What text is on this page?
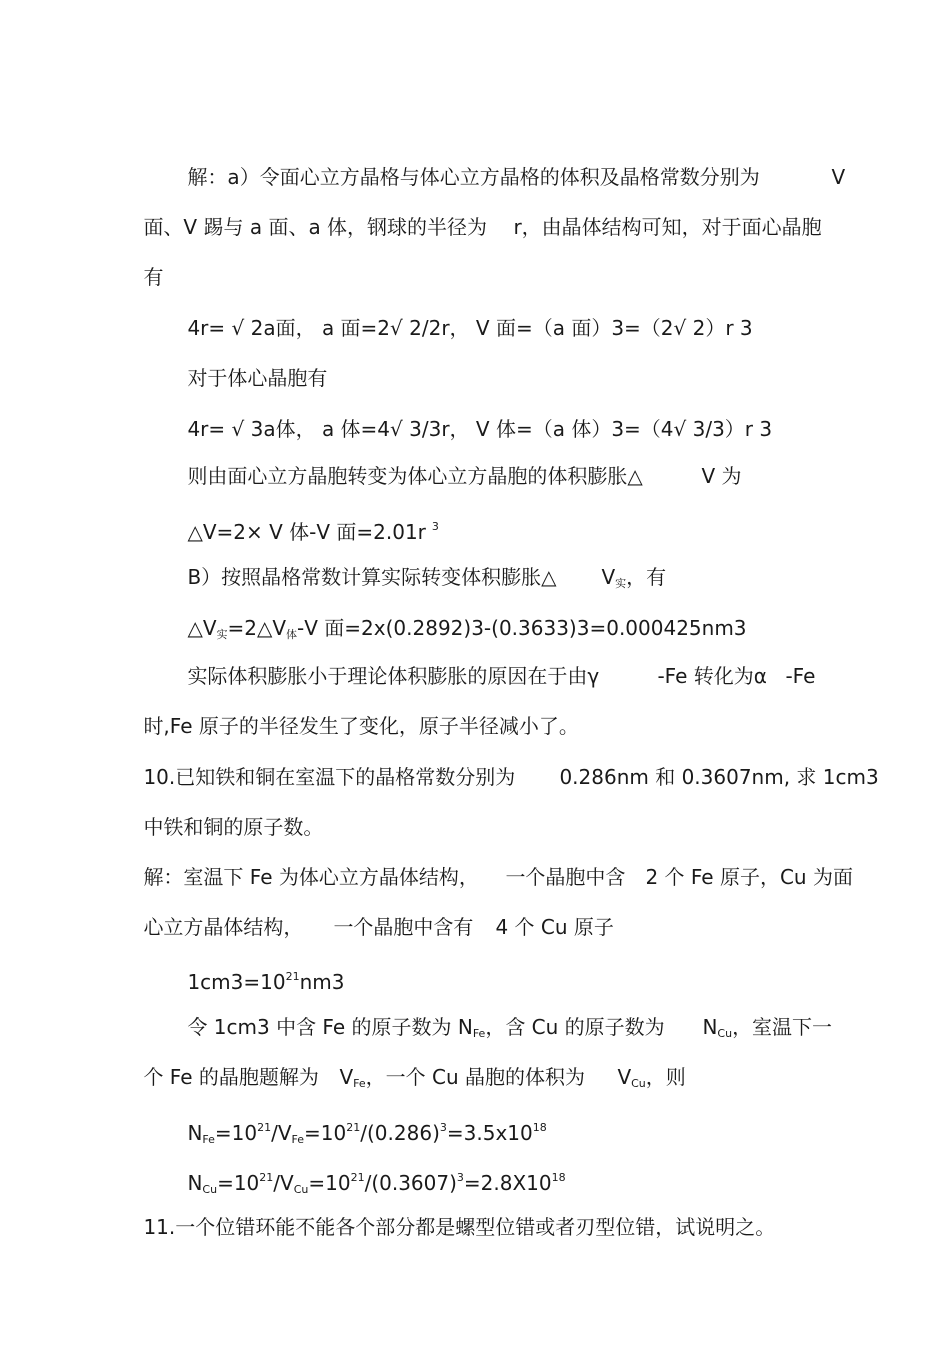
解：a）令面心立方晶格与体心立方晶格的体积及晶格常数分别为
	V

面、V 踢与 a 面、a 体，钢球的半径为
	r，由晶体结构可知，对于面心晶胞

有

4r= √ 2a面， a 面=2√ 2/2r， V 面=（a 面）3=（2√ 2）r 3

对于体心晶胞有

4r= √ 3a体， a 体=4√ 3/3r， V 体=（a 体）3=（4√ 3/3）r 3

则由面心立方晶胞转变为体心立方晶胞的体积膨胀△
	V 为

△V=2× V 体-V 面=2.01r $^3$

B）按照晶格常数计算实际转变体积膨胀△
	$V_实$，有

$\triangle V_实=2\triangle V_体-V$ 面=2x(0.2892)3-(0.3633)3=0.000425nm3

实际体积膨胀小于理论体积膨胀的原因在于由γ
	-Fe 转化为α
-Fe

时,Fe 原子的半径发生了变化，原子半径减小了。

10.已知铁和铜在室温下的晶格常数分别为
	0.286nm 和 0.3607nm, 求 1cm3

中铁和铜的原子数。

解：室温下 Fe 为体心立方晶体结构，
	一个晶胞中含
	2 个 Fe 原子，Cu 为面

心立方晶体结构，
	一个晶胞中含有
	4 个 Cu 原子

$1cm3=10^{21}nm3$

令 1cm3 中含 Fe 的原子数为 $N_{Fe}$，含 Cu 的原子数为
	$N_{Cu}$，室温下一

个 Fe 的晶胞题解为
	$V_{Fe}$，一个 Cu 晶胞的体积为
	$V_{Cu}$，则

$N_{Fe}=10^{21}/V_{Fe}=10^{21}/(0.286)^3=3.5x10^{18}$

$N_{Cu}=10^{21}/V_{Cu}=10^{21}/(0.3607)^3=2.8X10^{18}$

11.一个位错环能不能各个部分都是螺型位错或者刃型位错，试说明之。
